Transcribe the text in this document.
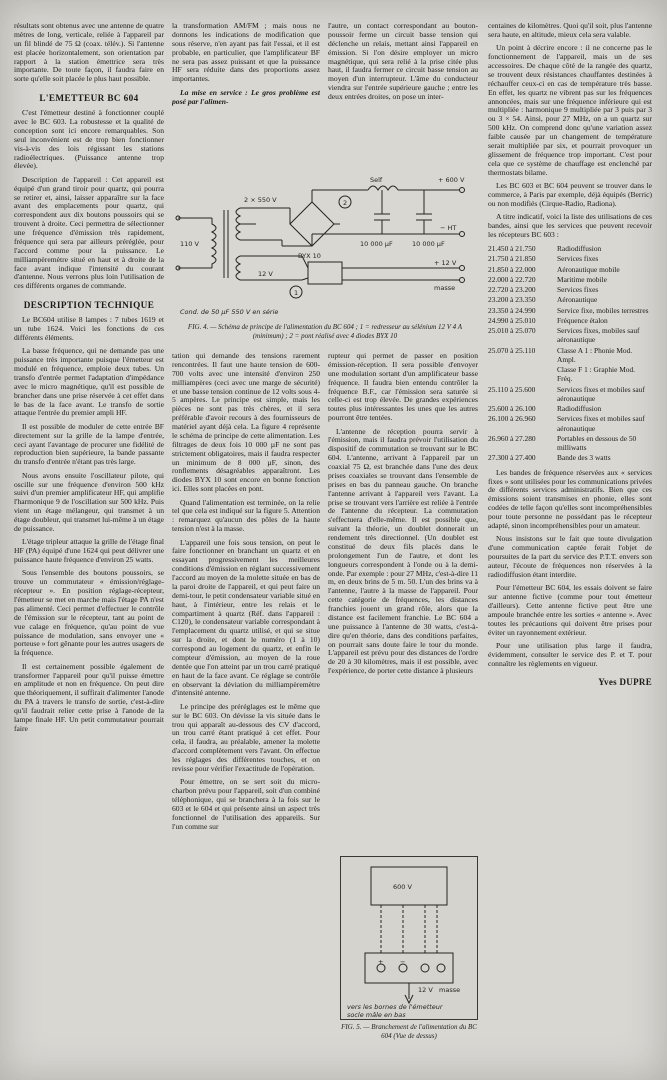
résultats sont obtenus avec une antenne de quatre mètres de long, verticale, reliée à l'appareil par un fil blindé de 75 Ω (coax. télév.). Si l'antenne est placée horizontalement, son orientation par rapport à la station émettrice sera très importante. De toute façon, il faudra faire en sorte qu'elle soit placée le plus haut possible.

L'EMETTEUR BC 604

C'est l'émetteur destiné à fonctionner couplé avec le BC 603. La robustesse et la qualité de conception sont ici encore remarquables. Son seul inconvénient est de trop bien fonctionner vis-à-vis des lois régissant les stations radioélectriques. (Puissance antenne trop élevée).

Description de l'appareil : Cet appareil est équipé d'un grand tiroir pour quartz, qui pourra se retirer et, ainsi, laisser apparaître sur la face avant des emplacements pour quartz, qui correspondent aux dix boutons poussoirs qui se trouvent à droite. Ceci permettra de sélectionner une fréquence d'émission très rapidement, fréquence qui sera par ailleurs préréglée, pour l'accord comme pour la puissance. Le milliampèremètre situé en haut et à droite de la face avant indique l'intensité du courant d'antenne. Nous verrons plus loin l'utilisation de ces différents organes de commande.

DESCRIPTION TECHNIQUE

Le BC604 utilise 8 lampes : 7 tubes 1619 et un tube 1624. Voici les fonctions de ces différents éléments.

La basse fréquence, qui ne demande pas une puissance très importante puisque l'émetteur est modulé en fréquence, emploie deux tubes. Un transfo d'entrée permet l'adaptation d'impédance avec le micro magnétique, qu'il est possible de brancher dans une prise réservée à cet effet dans le bas de la face avant. Le transfo de sortie attaque l'entrée du premier ampli HF.

Il est possible de moduler de cette entrée BF directement sur la grille de la lampe d'entrée, ceci ayant l'avantage de procurer une fidélité de reproduction bien supérieure, la bande passante du transfo d'entrée n'étant pas très large.

Nous avons ensuite l'oscillateur pilote, qui oscille sur une fréquence d'environ 500 kHz suivi d'un premier amplificateur HF, qui amplifie l'harmonique 9 de l'oscillation sur 500 kHz. Puis vient un étage mélangeur, qui transmet à un étage doubleur, qui transmet lui-même à un étage de puissance.

L'étage tripleur attaque la grille de l'étage final HF (PA) équipé d'une 1624 qui peut délivrer une puissance haute fréquence d'environ 25 watts.

Sous l'ensemble des boutons poussoirs, se trouve un commutateur « émission/réglage-récepteur ». En position réglage-récepteur, l'émetteur se met en marche mais l'étage PA n'est pas alimenté. Ceci permet d'effectuer le contrôle de l'émission sur le récepteur, tant au point de vue calage en fréquence, qu'au point de vue puissance de modulation, sans envoyer une « porteuse » fort gênante pour les autres usagers de la fréquence.

Il est certainement possible également de transformer l'appareil pour qu'il puisse émettre en amplitude et non en fréquence. On peut dire que théoriquement, il suffirait d'alimenter l'anode du PA à travers le transfo de sortie, c'est-à-dire qu'il faudrait relier cette prise à l'anode de la lampe finale HF. Un petit commutateur pourrait faire

la transformation AM/FM ; mais nous ne donnons les indications de modification que sous réserve, n'en ayant pas fait l'essai, et il est probable, en particulier, que l'amplificateur BF ne sera pas assez puissant et que la puissance HF sera réduite dans des proportions assez importantes.

La mise en service : Le gros problème est posé par l'alimen-

l'autre, un contact correspondant au bouton-poussoir ferme un circuit basse tension qui déclenche un relais, mettant ainsi l'appareil en émission. Si l'on désire employer un micro magnétique, qui sera relié à la prise citée plus haut, il faudra fermer ce circuit basse tension au moyen d'un interrupteur. L'âme du conducteur viendra sur l'entrée supérieure gauche ; entre les deux entrées droites, on pose un inter-

110 V
2 × 550 V
12 V
BYX 10
Self
10 000 µF	10 000 µF
+ 600 V
− HT
+ 12 V
masse
2
1
Cond. de 50 µF 550 V en série
FIG. 4. — Schéma de principe de l'alimentation du BC 604 ; 1 = redresseur au sélénium 12 V 4 A (minimum) ; 2 = pont réalisé avec 4 diodes BYX 10

tation qui demande des tensions rarement rencontrées. Il faut une haute tension de 600-700 volts avec une intensité d'environ 250 milliampères (ceci avec une marge de sécurité) et une basse tension continue de 12 volts sous 4-5 ampères. Le principe est simple, mais les pièces ne sont pas très chères, et il sera préférable d'avoir recours à des fournisseurs de matériel ayant déjà cela. La figure 4 représente le schéma de principe de cette alimentation. Les filtrages de deux fois 10 000 µF ne sont pas strictement obligatoires, mais il faudra respecter un minimum de 8 000 µF, sinon, des ronflements désagréables apparaîtront. Les diodes BYX 10 sont encore en bonne fonction ici. Elles sont placées en pont.

Quand l'alimentation est terminée, on la relie tel que cela est indiqué sur la figure 5. Attention : remarquez qu'aucun des pôles de la haute tension n'est à la masse.

L'appareil une fois sous tension, on peut le faire fonctionner en branchant un quartz et en essayant progressivement les meilleures conditions d'émission en réglant successivement l'accord au moyen de la molette située en bas de la paroi droite de l'appareil, et qui peut faire un demi-tour, le petit condensateur variable situé en haut, à l'intérieur, entre les relais et le compartiment à quartz (Réf. dans l'appareil : C120), le condensateur variable correspondant à l'emplacement du quartz utilisé, et qui se situe sur la droite, et dont le numéro (1 à 10) correspond au logement du quartz, et enfin le compteur d'émission, au moyen de la roue dentée que l'on atteint par un trou carré pratiqué en haut de la face avant. Ce réglage se contrôle en observant la déviation du milliampèremètre d'intensité antenne.

Le principe des préréglages est le même que sur le BC 603. On dévisse la vis située dans le trou qui apparaît au-dessous des CV d'accord, un trou carré étant pratiqué à cet effet. Pour cela, il faudra, au préalable, amener la molette d'accord complètement vers l'avant. On effectue les réglages des différentes touches, et on revisse pour vérifier l'exactitude de l'opération.

Pour émettre, on se sert soit du micro-charbon prévu pour l'appareil, soit d'un combiné téléphonique, qui se branchera à la fois sur le 603 et le 604 et qui présente ainsi un aspect très fonctionnel de l'utilisation des appareils. Sur l'un comme sur

rupteur qui permet de passer en position émission-réception. Il sera possible d'envoyer une modulation sortant d'un amplificateur basse fréquence. Il faudra bien entendu contrôler la fréquence B.F., car l'émission sera saturée si celle-ci est trop élevée. De grandes expériences toutes plus intéressantes les unes que les autres pourront être tentées.

L'antenne de réception pourra servir à l'émission, mais il faudra prévoir l'utilisation du dispositif de commutation se trouvant sur le BC 604. L'antenne, arrivant à l'appareil par un coaxial 75 Ω, est branchée dans l'une des deux prises coaxiales se trouvant dans l'ensemble de prises en bas du panneau gauche. On branche l'antenne arrivant à l'appareil vers l'avant. La prise se trouvant vers l'arrière est reliée à l'entrée de l'antenne du récepteur. La commutation s'effectuera d'elle-même. Il est possible que, suivant la théorie, un doublet donnerait un rendement très directionnel. (Un doublet est constitué de deux fils placés dans le prolongement l'un de l'autre, et dont les longueurs correspondent à l'onde ou à la demi-onde. Par exemple : pour 27 MHz, c'est-à-dire 11 m, en deux brins de 5 m. 50. L'un des brins va à l'antenne, l'autre à la masse de l'appareil. Pour cette catégorie de fréquences, les distances franchies jouent un grand rôle, alors que la distance est facilement franchie. Le BC 604 a une puissance à l'antenne de 30 watts, c'est-à-dire qu'en théorie, dans des conditions parfaites, on pourrait sans doute faire le tour du monde. L'appareil est prévu pour des distances de l'ordre de 20 à 30 kilomètres, mais il est possible, avec l'expérience, de porter cette distance à plusieurs

600 V
+	−
12 V masse
vers les bornes de l'émetteur
socle mâle en bas
FIG. 5. — Branchement de l'alimentation du BC 604 (Vue de dessus)

centaines de kilomètres. Quoi qu'il soit, plus l'antenne sera haute, en altitude, mieux cela sera valable.

Un point à décrire encore : il ne concerne pas le fonctionnement de l'appareil, mais un de ses accessoires. De chaque côté de la rangée des quartz, se trouvent deux résistances chauffantes destinées à réchauffer ceux-ci en cas de température très basse. En effet, les quartz ne vibrent pas sur les fréquences annoncées, mais sur une fréquence inférieure qui est multipliée : harmonique 9 multipliée par 3 puis par 3 ou 3 × 54. Ainsi, pour 27 MHz, on a un quartz sur 500 kHz. On comprend donc qu'une variation assez faible causée par un changement de température serait multipliée par six, et pourrait provoquer un glissement de fréquence trop important. C'est pour cela que ce système de chauffage est enclenché par thermostats bilame.

Les BC 603 et BC 604 peuvent se trouver dans le commerce, à Paris par exemple, déjà équipés (Berric) ou non modifiés (Cirque-Radio, Radiona).

A titre indicatif, voici la liste des utilisations de ces bandes, ainsi que les services que peuvent recevoir les récepteurs BC 603 :

21.450 à 21.750	Radiodiffusion
21.750 à 21.850	Services fixes
21.850 à 22.000	Aéronautique mobile
22.000 à 22.720	Maritime mobile
22.720 à 23.200	Services fixes
23.200 à 23.350	Aéronautique
23.350 à 24.990	Service fixe, mobiles terrestres
24.990 à 25.010	Fréquence étalon
25.010 à 25.070	Services fixes, mobiles sauf aéronautique
25.070 à 25.110	Classe A 1 : Phonie Mod. Ampl.
	Classe F 1 : Graphie Mod. Fréq.
25.110 à 25.600	Services fixes et mobiles sauf aéronautique
25.600 à 26.100	Radiodiffusion
26.100 à 26.960	Services fixes et mobiles sauf aéronautique
26.960 à 27.280	Portables en dessous de 50 milliwatts
27.300 à 27.400	Bande des 3 watts

Les bandes de fréquence réservées aux « services fixes » sont utilisées pour les communications privées de différents services administratifs. Bien que ces émissions soient transmises en phonie, elles sont codées de telle façon qu'elles sont incompréhensibles pour toute personne ne possédant pas le récepteur adapté, sinon incompréhensibles pour un amateur.

Nous insistons sur le fait que toute divulgation d'une communication captée ferait l'objet de poursuites de la part du service des P.T.T. envers son auteur, l'écoute de fréquences non réservées à la radiodiffusion étant interdite.

Pour l'émetteur BC 604, les essais doivent se faire sur antenne fictive (comme pour tout émetteur d'ailleurs). Cette antenne fictive peut être une ampoule branchée entre les sorties « antenne ». Avec toutes les précautions qui doivent être prises pour éviter un rayonnement extérieur.

Pour une utilisation plus large il faudra, évidemment, consulter le service des P. et T. pour connaître les règlements en vigueur.

Yves DUPRE
